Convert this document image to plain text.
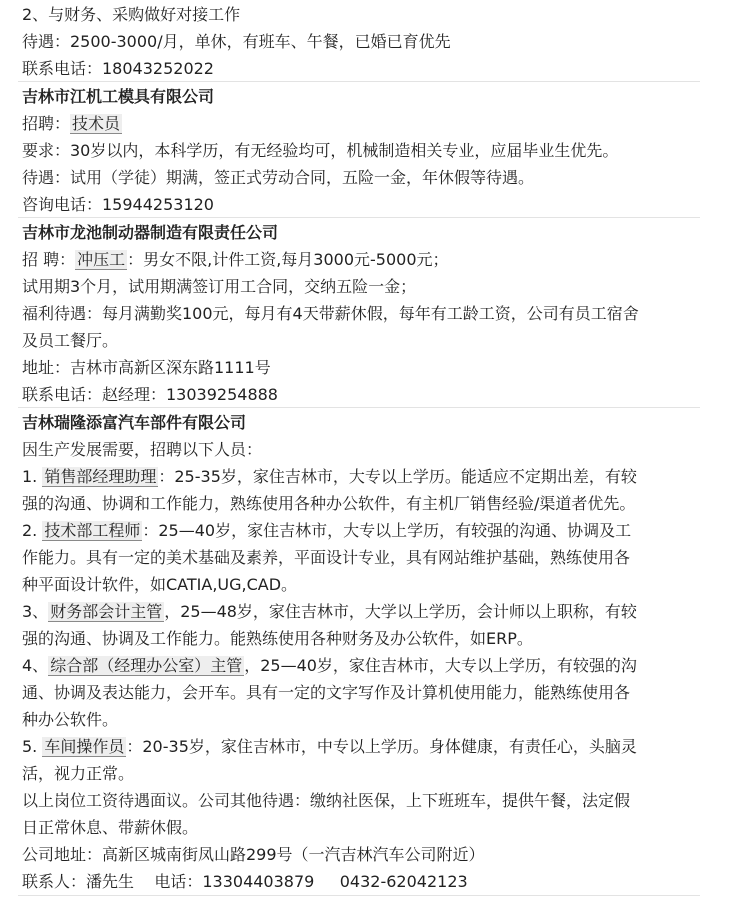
2、与财务、采购做好对接工作
待遇：2500-3000/月，单休，有班车、午餐，已婚已育优先
联系电话：18043252022
吉林市江机工模具有限公司
招聘： 技术员
要求：30岁以内，本科学历，有无经验均可，机械制造相关专业，应届毕业生优先。
待遇：试用（学徒）期满，签正式劳动合同，五险一金，年休假等待遇。
咨询电话：15944253120
吉林市龙池制动器制造有限责任公司
招 聘： 冲压工 ：男女不限,计件工资,每月3000元-5000元；
试用期3个月，试用期满签订用工合同，交纳五险一金；
福利待遇：每月满勤奖100元，每月有4天带薪休假，每年有工龄工资，公司有员工宿舍
及员工餐厅。
地址：吉林市高新区深东路1111号
联系电话：赵经理：13039254888
吉林瑞隆添富汽车部件有限公司
因生产发展需要，招聘以下人员：
1. 销售部经理助理 ：25-35岁，家住吉林市，大专以上学历。能适应不定期出差，有较
强的沟通、协调和工作能力，熟练使用各种办公软件，有主机厂销售经验/渠道者优先。
2. 技术部工程师 ：25—40岁，家住吉林市，大专以上学历，有较强的沟通、协调及工
作能力。具有一定的美术基础及素养，平面设计专业，具有网站维护基础，熟练使用各
种平面设计软件，如CATIA,UG,CAD。
3、 财务部会计主管 ，25—48岁，家住吉林市，大学以上学历，会计师以上职称，有较
强的沟通、协调及工作能力。能熟练使用各种财务及办公软件，如ERP。
4、 综合部（经理办公室）主管 ，25—40岁，家住吉林市，大专以上学历，有较强的沟
通、协调及表达能力，会开车。具有一定的文字写作及计算机使用能力，能熟练使用各
种办公软件。
5. 车间操作员 ：20-35岁，家住吉林市，中专以上学历。身体健康，有责任心，头脑灵
活，视力正常。
以上岗位工资待遇面议。公司其他待遇：缴纳社医保，上下班班车，提供午餐，法定假
日正常休息、带薪休假。
公司地址：高新区城南街凤山路299号（一汽吉林汽车公司附近）
联系人：潘先生    电话：13304403879     0432-62042123
